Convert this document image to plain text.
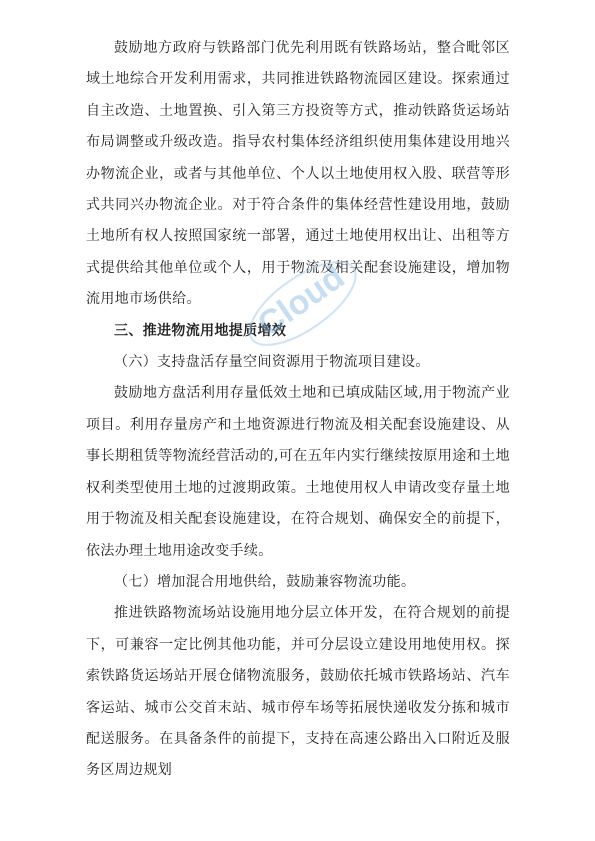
鼓励地方政府与铁路部门优先利用既有铁路场站，整合毗邻区域土地综合开发利用需求，共同推进铁路物流园区建设。探索通过自主改造、土地置换、引入第三方投资等方式，推动铁路货运场站布局调整或升级改造。指导农村集体经济组织使用集体建设用地兴办物流企业，或者与其他单位、个人以土地使用权入股、联营等形式共同兴办物流企业。对于符合条件的集体经营性建设用地，鼓励土地所有权人按照国家统一部署，通过土地使用权出让、出租等方式提供给其他单位或个人，用于物流及相关配套设施建设，增加物流用地市场供给。

三、推进物流用地提质增效

（六）支持盘活存量空间资源用于物流项目建设。

鼓励地方盘活利用存量低效土地和已填成陆区域,用于物流产业项目。利用存量房产和土地资源进行物流及相关配套设施建设、从事长期租赁等物流经营活动的,可在五年内实行继续按原用途和土地权利类型使用土地的过渡期政策。土地使用权人申请改变存量土地用于物流及相关配套设施建设，在符合规划、确保安全的前提下，依法办理土地用途改变手续。

（七）增加混合用地供给，鼓励兼容物流功能。

推进铁路物流场站设施用地分层立体开发，在符合规划的前提下，可兼容一定比例其他功能，并可分层设立建设用地使用权。探索铁路货运场站开展仓储物流服务，鼓励依托城市铁路场站、汽车客运站、城市公交首末站、城市停车场等拓展快递收发分拣和城市配送服务。在具备条件的前提下，支持在高速公路出入口附近及服务区周边规划

Cloud
